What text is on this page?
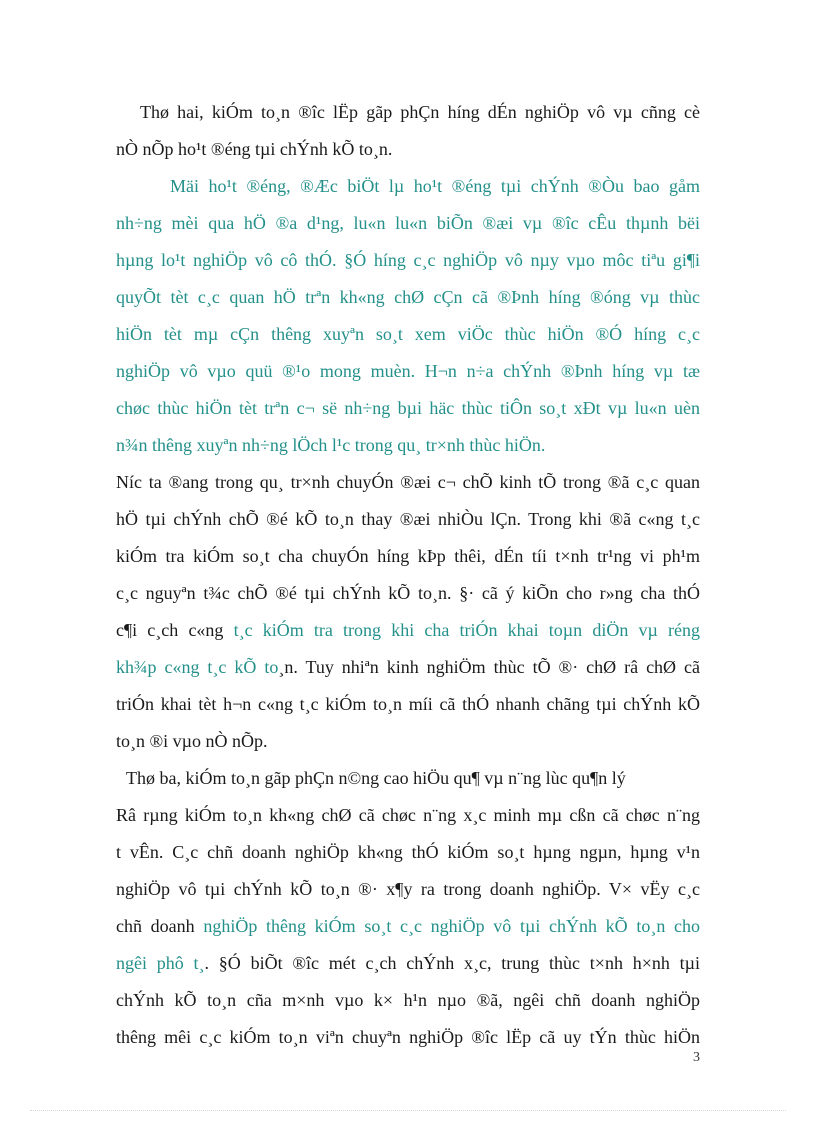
Thø hai, kiÓm to¸n ®îc lËp gãp phÇn híng dÉn nghiÖp vô vµ cñng cè
nÒ nÕp ho¹t ®éng tµi chÝnh kÕ to¸n.
Mäi ho¹t ®éng, ®Æc biÖt lµ ho¹t ®éng tµi chÝnh ®Òu bao gåm
nh÷ng mèi qua hÖ ®a d¹ng, lu«n lu«n biÕn ®æi vµ ®îc cÊu thµnh bëi
hµng lo¹t nghiÖp vô cô thÓ. §Ó híng c¸c nghiÖp vô nµy vµo môc tiªu gi¶i
quyÕt tèt c¸c quan hÖ trªn kh«ng chØ cÇn cã ®Þnh híng ®óng vµ thùc
hiÖn tèt mµ cÇn thêng xuyªn so¸t xem viÖc thùc hiÖn ®Ó híng c¸c
nghiÖp vô vµo quü ®¹o mong muèn. H¬n n÷a chÝnh ®Þnh híng vµ tæ
chøc thùc hiÖn tèt trªn c¬ së nh÷ng bµi häc thùc tiÔn so¸t xÐt vµ lu«n uèn
n¾n thêng xuyªn nh÷ng lÖch l¹c trong qu¸ tr×nh thùc hiÖn.
Níc ta ®ang trong qu¸ tr×nh chuyÓn ®æi c¬ chÕ kinh tÕ trong ®ã c¸c quan
hÖ tµi chÝnh chÕ ®é kÕ to¸n thay ®æi nhiÒu lÇn. Trong khi ®ã c«ng t¸c
kiÓm tra kiÓm so¸t cha chuyÓn híng kÞp thêi, dÉn tíi t×nh tr¹ng vi ph¹m
c¸c nguyªn t¾c chÕ ®é tµi chÝnh kÕ to¸n. §· cã ý kiÕn cho r»ng cha thÓ
c¶i c¸ch c«ng t¸c kiÓm tra trong khi cha triÓn khai toµn diÖn vµ réng
kh¾p c«ng t¸c kÕ to¸n. Tuy nhiªn kinh nghiÖm thùc tÕ ®· chØ râ chØ cã
triÓn khai tèt h¬n c«ng t¸c kiÓm to¸n míi cã thÓ nhanh chãng tµi chÝnh kÕ
to¸n ®i vµo nÒ nÕp.
Thø ba, kiÓm to¸n gãp phÇn n©ng cao hiÖu qu¶ vµ n¨ng lùc qu¶n lý
Râ rµng kiÓm to¸n kh«ng chØ cã chøc n¨ng x¸c minh mµ cßn cã chøc n¨ng
t vÊn. C¸c chñ doanh nghiÖp kh«ng thÓ kiÓm so¸t hµng ngµn, hµng v¹n
nghiÖp vô tµi chÝnh kÕ to¸n ®· x¶y ra trong doanh nghiÖp. V× vËy c¸c
chñ doanh nghiÖp thêng kiÓm so¸t c¸c nghiÖp vô tµi chÝnh kÕ to¸n cho
ngêi phô t¸. §Ó biÕt ®îc mét c¸ch chÝnh x¸c, trung thùc t×nh h×nh tµi
chÝnh kÕ to¸n cña m×nh vµo k× h¹n nµo ®ã, ngêi chñ doanh nghiÖp
thêng mêi c¸c kiÓm to¸n viªn chuyªn nghiÖp ®îc lËp cã uy tÝn thùc hiÖn
3
